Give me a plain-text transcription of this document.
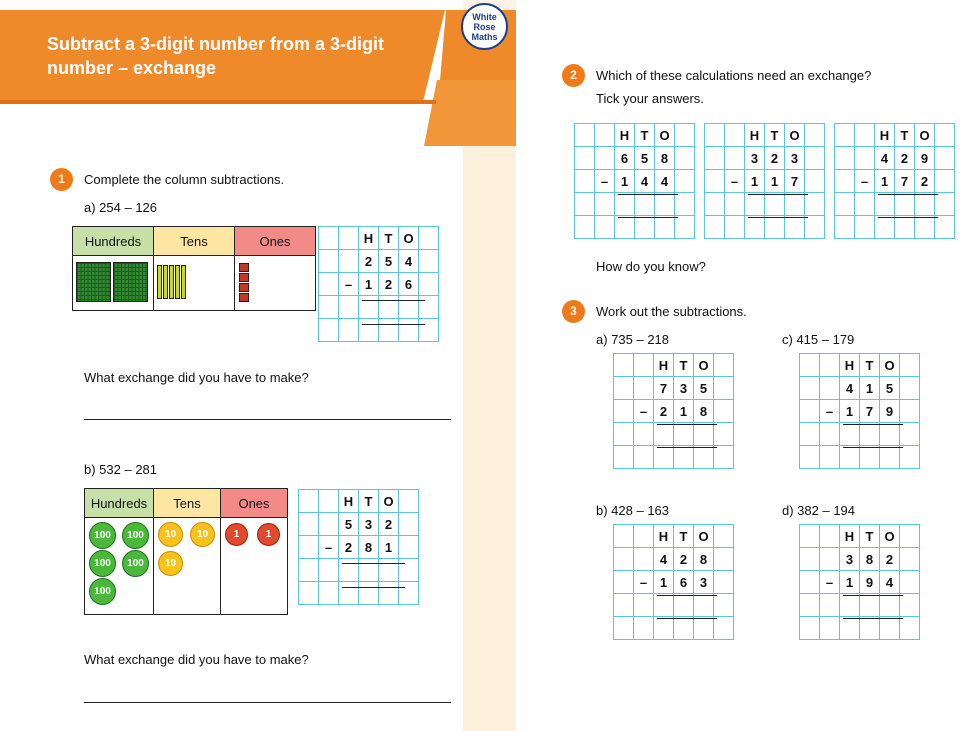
Subtract a 3-digit number from a 3-digit
number – exchange
White
Rose
Maths
1	Complete the column subtractions.
a) 254 – 126
Hundreds	Tens	Ones

			H	T	O	
		2	5	4	
	–	1	2	6	

What exchange did you have to make?
b) 532 – 281
Hundreds	Tens	Ones

100	100
100	100
100
10	10
10
1	1
		H	T	O	
		5	3	2	
	–	2	8	1	

What exchange did you have to make?
2	Which of these calculations need an exchange?
Tick your answers.
		H	T	O	
		6	5	8	
	–	1	4	4	

		H	T	O	
		3	2	3	
	–	1	1	7	

		H	T	O	
		4	2	9	
	–	1	7	2	

How do you know?
3	Work out the subtractions.
a) 735 – 218
		H	T	O	
		7	3	5	
	–	2	1	8	

c) 415 – 179
		H	T	O	
		4	1	5	
	–	1	7	9	

b) 428 – 163
		H	T	O	
		4	2	8	
	–	1	6	3	

d) 382 – 194
		H	T	O	
		3	8	2	
	–	1	9	4	
